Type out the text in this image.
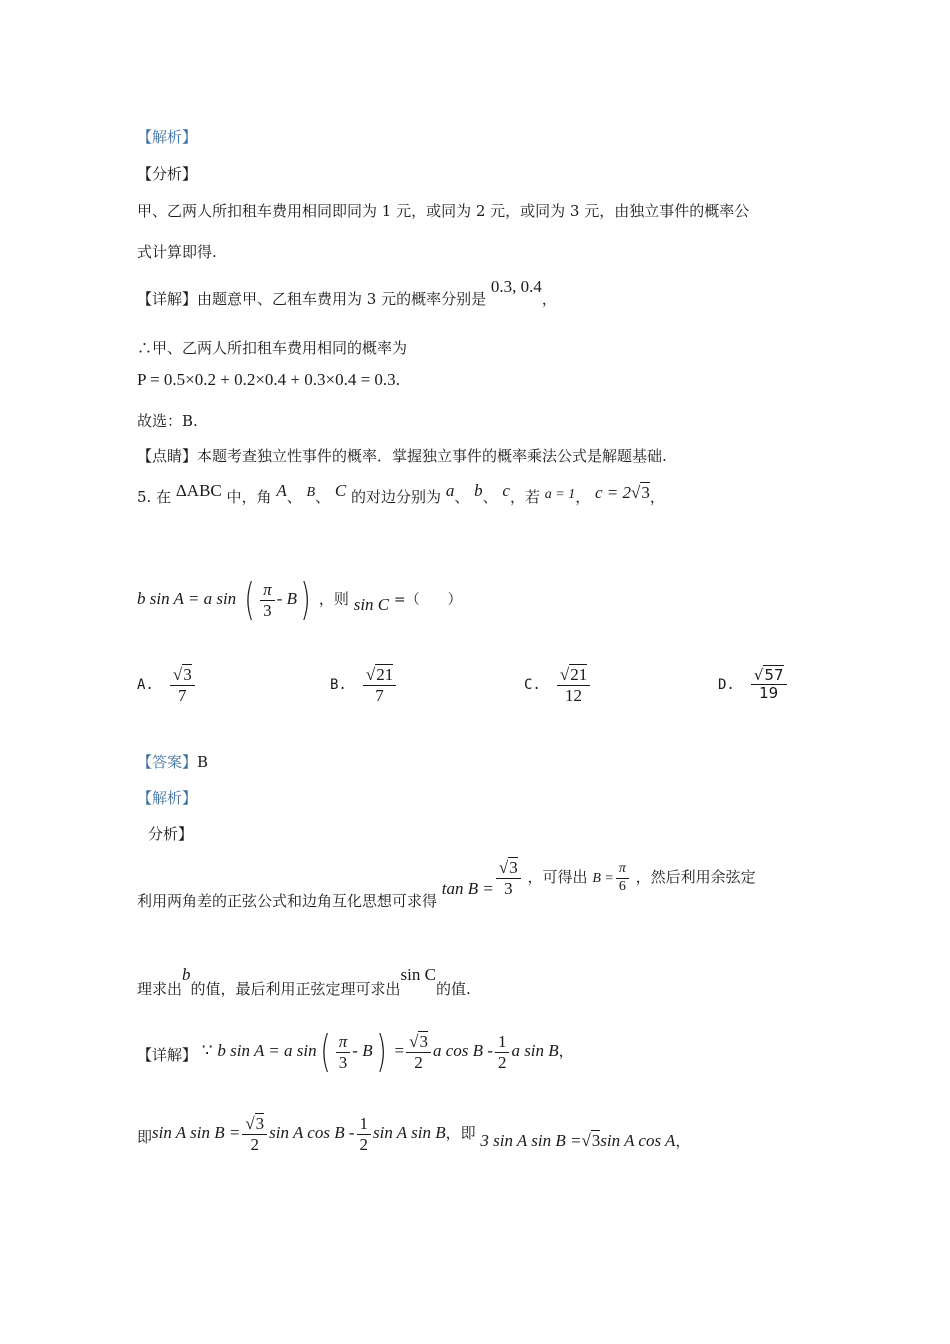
【解析】
【分析】
甲、乙两人所扣租车费用相同即同为 1 元，或同为 2 元，或同为 3 元，由独立事件的概率公
式计算即得.
【详解】由题意甲、乙租车费用为 3 元的概率分别是 0.3, 0.4，
∴甲、乙两人所扣租车费用相同的概率为
P = 0.5×0.2 + 0.2×0.4 + 0.3×0.4 = 0.3.
故选：B.
【点睛】本题考查独立性事件的概率．掌握独立事件的概率乘法公式是解题基础.
5. 在 ΔABC 中，角 A、 B、 C 的对边分别为 a、 b、 c，若 a = 1， c = 2√3，
b sin A = a sin ( $\frac{\pi}{3} - B$) ，则 sin C =（　　）
A. $\frac{√3}{7}$	B. $\frac{√21}{7}$	C. $\frac{√21}{12}$	D. $\frac{√57}{19}$
【答案】B
【解析】
分析】
利用两角差的正弦公式和边角互化思想可求得 $\tan B = \frac{√3}{3}$ ，可得出 $B = \frac{\pi}{6}$ ，然后利用余弦定
理求出b的值，最后利用正弦定理可求出sin C的值.
【详解】 ∵ b sin A = a $\sin( \frac{\pi}{3} - B) = \frac{√3}{2}$ a cos B - $\frac{1}{2}$ a sin B，
即sin A $\sin B = \frac{√3}{2}$ sin A cos B - $\frac{1}{2}$ sin A sin B，即 3 sin A sin B =√3sin A cos A，
